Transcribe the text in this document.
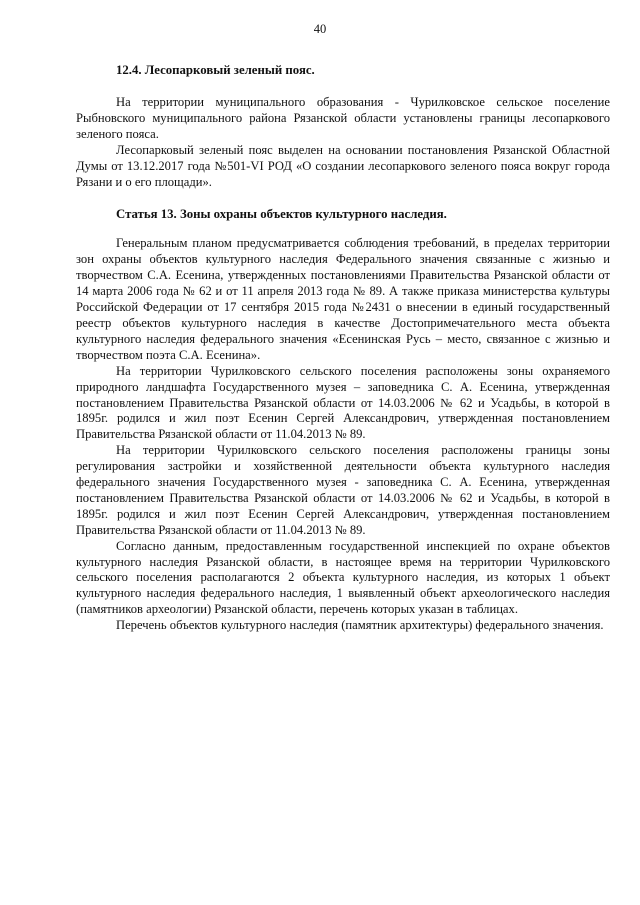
40
12.4. Лесопарковый зеленый пояс.

На территории муниципального образования - Чурилковское сельское поселение Рыбновского муниципального района Рязанской области установлены границы лесопаркового зеленого пояса.

Лесопарковый зеленый пояс выделен на основании постановления Рязанской Областной Думы от 13.12.2017 года №501-VI РОД «О создании лесопаркового зеленого пояса вокруг города Рязани и о его площади».

Статья 13. Зоны охраны объектов культурного наследия.

Генеральным планом предусматривается соблюдения требований, в пределах территории зон охраны объектов культурного наследия Федерального значения связанные с жизнью и творчеством С.А. Есенина, утвержденных постановлениями Правительства Рязанской области от 14 марта 2006 года № 62 и от 11 апреля 2013 года № 89. А также приказа министерства культуры Российской Федерации от 17 сентября 2015 года №2431 о внесении в единый государственный реестр объектов культурного наследия в качестве Достопримечательного места объекта культурного наследия федерального значения «Есенинская Русь – место, связанное с жизнью и творчеством поэта С.А. Есенина».

На территории Чурилковского сельского поселения расположены зоны охраняемого природного ландшафта Государственного музея – заповедника С. А. Есенина, утвержденная постановлением Правительства Рязанской области от 14.03.2006 № 62 и Усадьбы, в которой в 1895г. родился и жил поэт Есенин Сергей Александрович, утвержденная постановлением Правительства Рязанской области от 11.04.2013 № 89.

На территории Чурилковского сельского поселения расположены границы зоны регулирования застройки и хозяйственной деятельности объекта культурного наследия федерального значения Государственного музея - заповедника С. А. Есенина, утвержденная постановлением Правительства Рязанской области от 14.03.2006 № 62 и Усадьбы, в которой в 1895г. родился и жил поэт Есенин Сергей Александрович, утвержденная постановлением Правительства Рязанской области от 11.04.2013 № 89.

Согласно данным, предоставленным государственной инспекцией по охране объектов культурного наследия Рязанской области, в настоящее время на территории Чурилковского сельского поселения располагаются 2 объекта культурного наследия, из которых 1 объект культурного наследия федерального наследия, 1 выявленный объект археологического наследия (памятников археологии) Рязанской области, перечень которых указан в таблицах.

Перечень объектов культурного наследия (памятник архитектуры) федерального значения.
